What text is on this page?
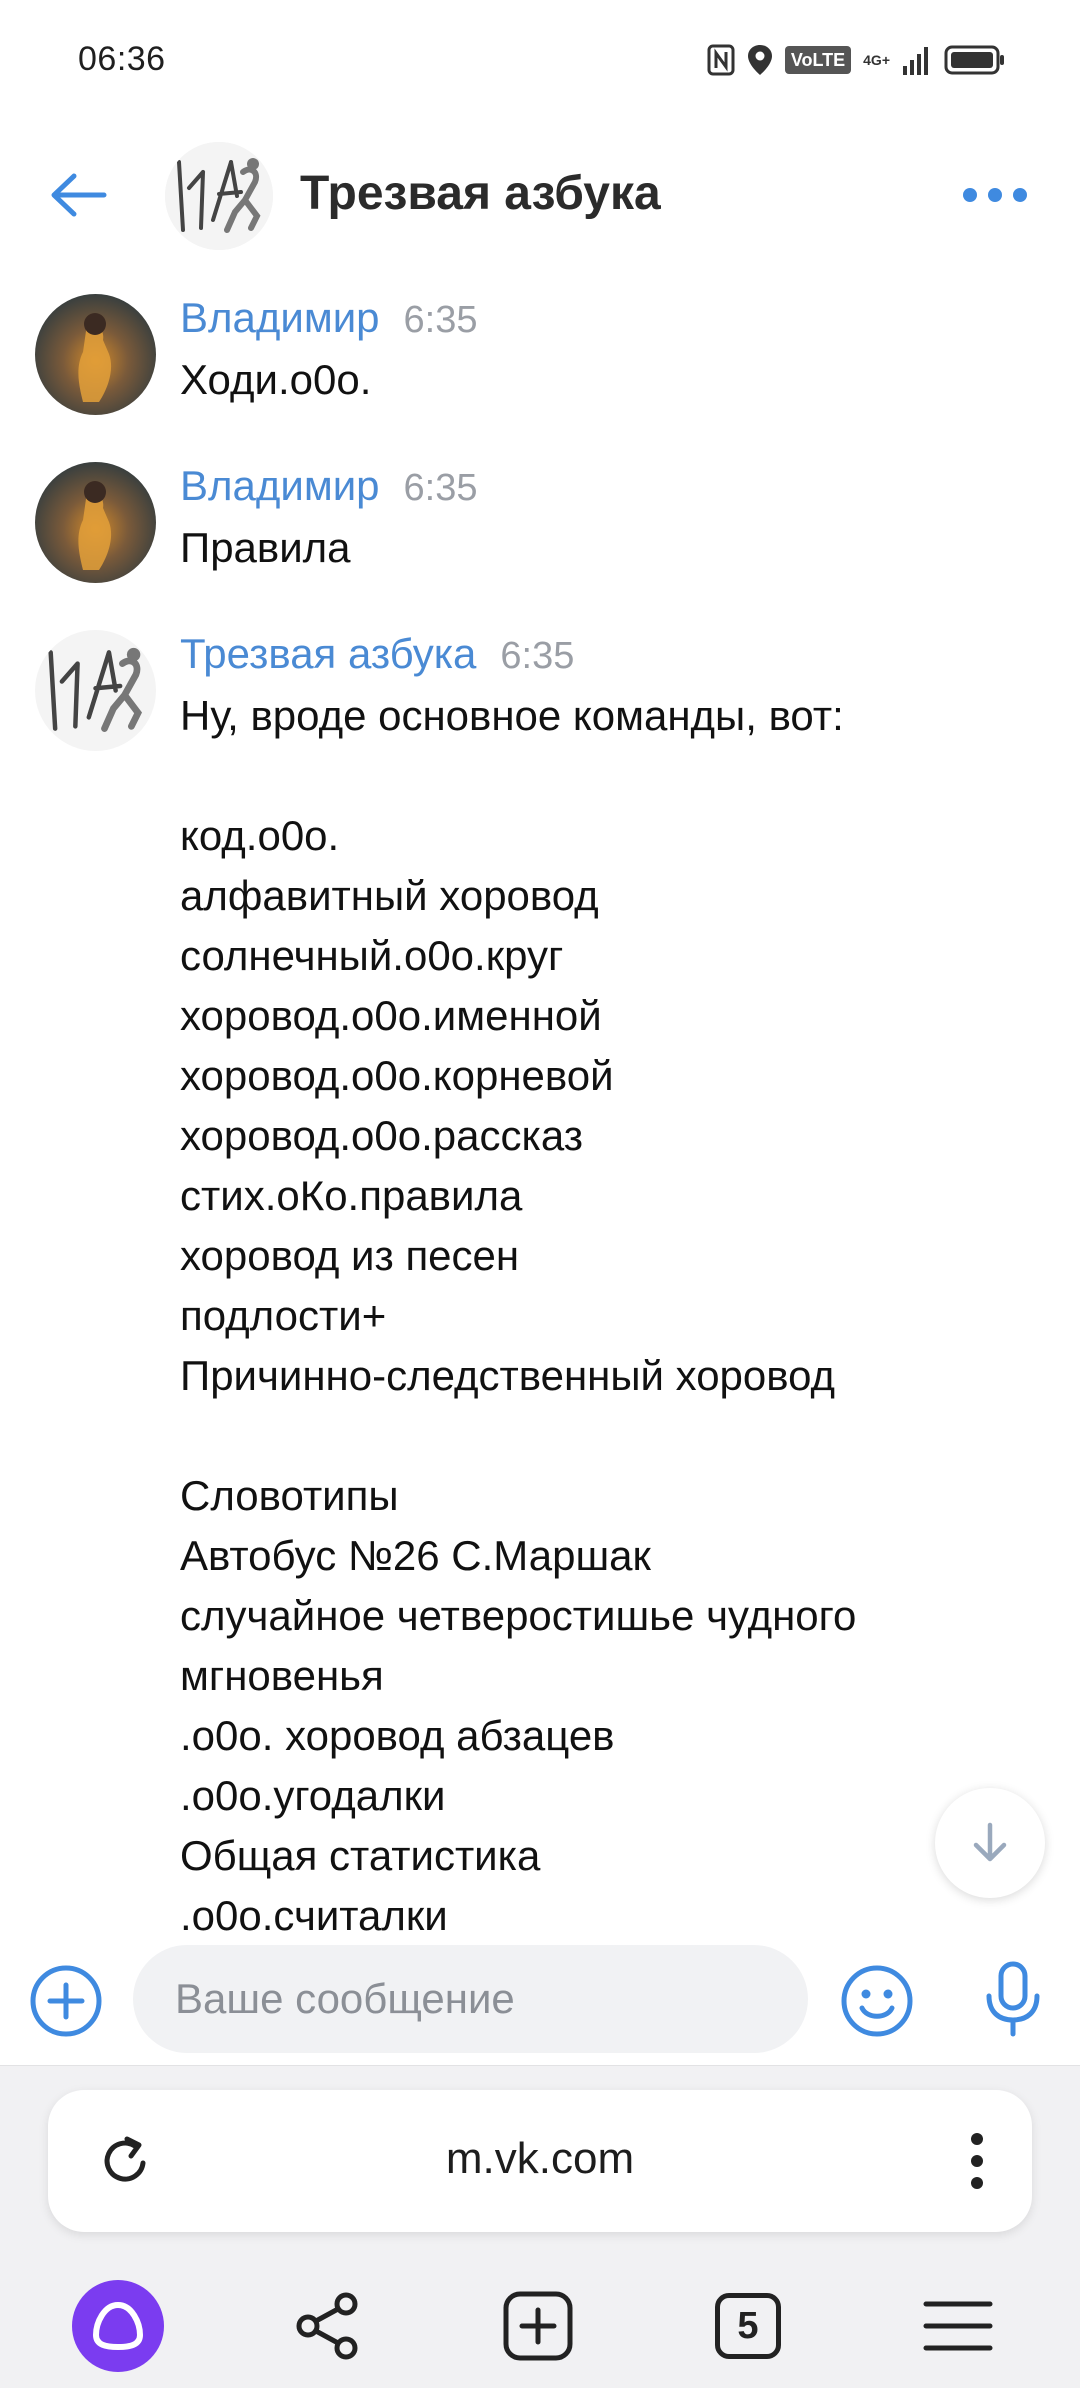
06:36	VoLTE	4G+
Трезвая азбука
Владимир 6:35
Ходи.о0о.
Владимир 6:35
Правила
Трезвая азбука 6:35
Ну, вроде основное команды, вот:
код.о0о.
алфавитный хоровод
солнечный.о0о.круг
хоровод.о0о.именной
хоровод.о0о.корневой
хоровод.о0о.рассказ
стих.оКо.правила
хоровод из песен
подлости+
Причинно-следственный хоровод
Словотипы
Автобус №26 С.Маршак
случайное четверостишье чудного
мгновенья
.о0о. хоровод абзацев
.о0о.угодалки
Общая статистика
.о0о.считалки
Ваше сообщение
m.vk.com
5
